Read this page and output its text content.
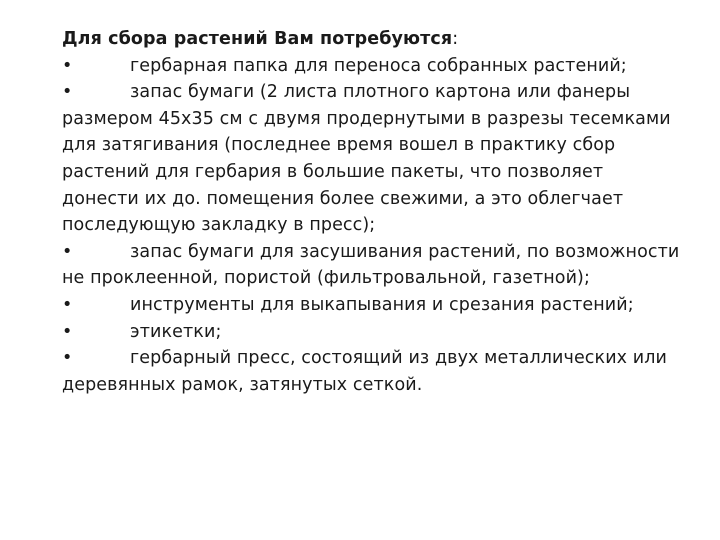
Для сбора растений Вам потребуются:

•	гербарная папка для переноса собранных растений;

•	запас бумаги (2 листа плотного картона или фанеры размером 45х35 см с двумя продернутыми в разрезы тесемками для затягивания (последнее время вошел в практику сбор растений для гербария в большие пакеты, что позволяет донести их до. помещения более свежими, а это облегчает последующую закладку в пресс);

•	запас бумаги для засушивания растений, по возможности не проклеенной, пористой (фильтровальной, газетной);

•	инструменты для выкапывания и срезания растений;

•	этикетки;

•	гербарный пресс, состоящий из двух металлических или деревянных рамок, затянутых сеткой.
